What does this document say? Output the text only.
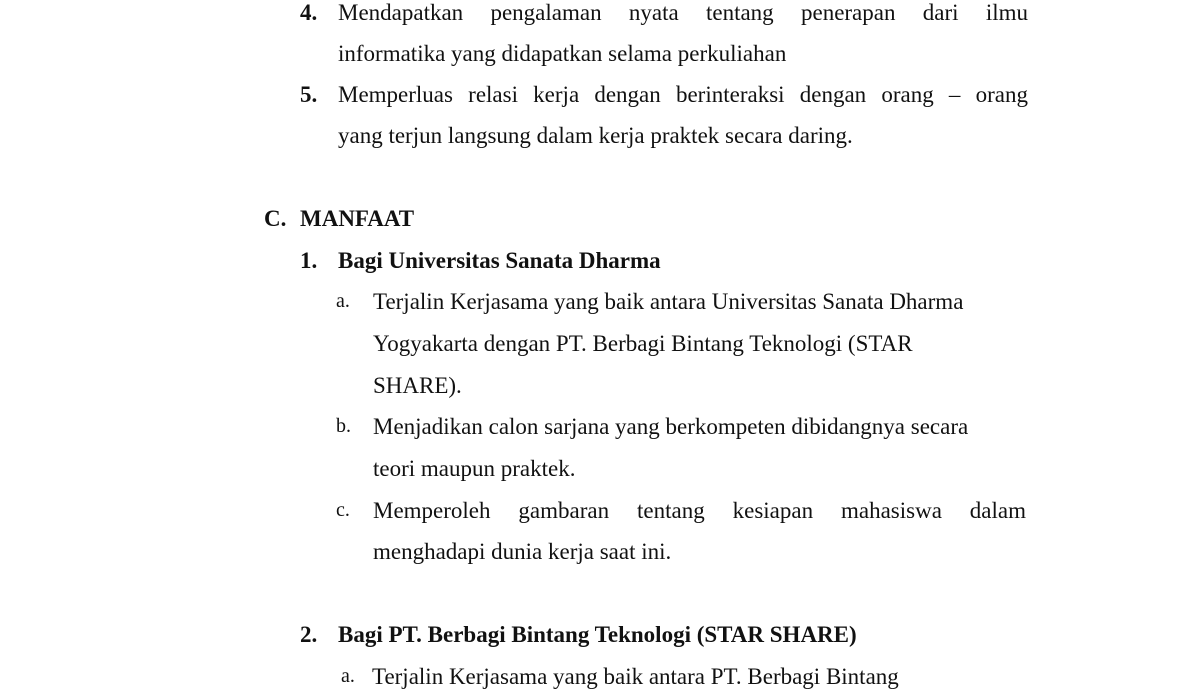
4. Mendapatkan pengalaman nyata tentang penerapan dari ilmu
informatika yang didapatkan selama perkuliahan
5. Memperluas relasi kerja dengan berinteraksi dengan orang – orang
yang terjun langsung dalam kerja praktek secara daring.
C. MANFAAT
1. Bagi Universitas Sanata Dharma
a. Terjalin Kerjasama yang baik antara Universitas Sanata Dharma
Yogyakarta dengan PT. Berbagi Bintang Teknologi (STAR
SHARE).
b. Menjadikan calon sarjana yang berkompeten dibidangnya secara
teori maupun praktek.
c. Memperoleh gambaran tentang kesiapan mahasiswa dalam
menghadapi dunia kerja saat ini.
2. Bagi PT. Berbagi Bintang Teknologi (STAR SHARE)
a. Terjalin Kerjasama yang baik antara PT. Berbagi Bintang
